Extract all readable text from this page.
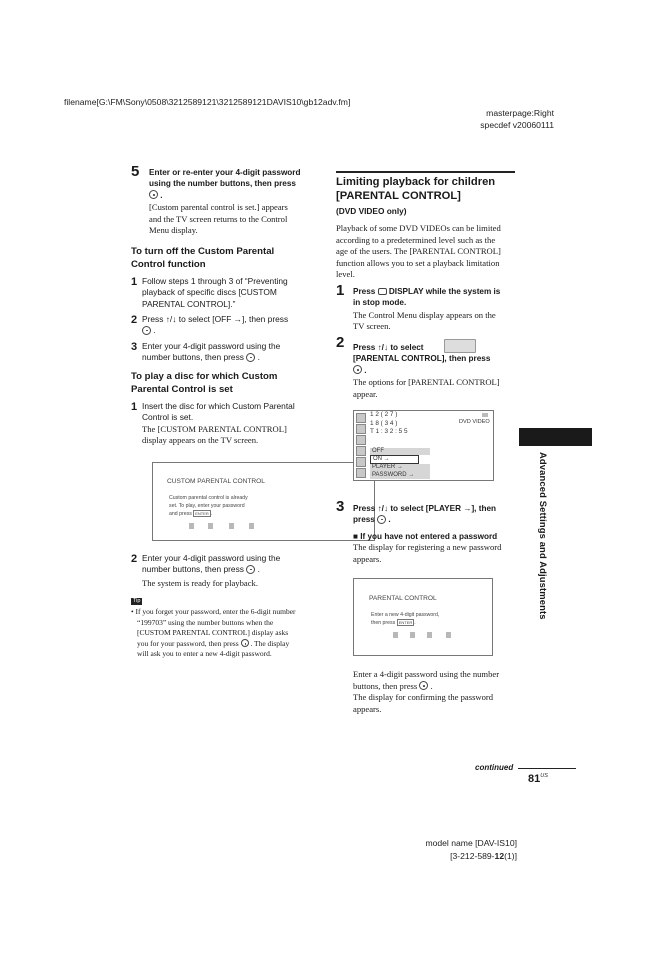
filename[G:\FM\Sony\0508\3212589121\3212589121DAVIS10\gb12adv.fm]
masterpage:Right
specdef v20060111
5 Enter or re-enter your 4-digit password
using the number buttons, then press
.
[Custom parental control is set.] appears
and the TV screen returns to the Control
Menu display.
To turn off the Custom Parental
Control function
1 Follow steps 1 through 3 of “Preventing
playback of specific discs [CUSTOM
PARENTAL CONTROL].”
2 Press ↑/↓ to select [OFF →], then press
.
3 Enter your 4-digit password using the
number buttons, then press .
To play a disc for which Custom
Parental Control is set
1 Insert the disc for which Custom Parental
Control is set.
The [CUSTOM PARENTAL CONTROL]
display appears on the TV screen.
CUSTOM PARENTAL CONTROL
Custom parental control is already
set. To play, enter your password
and press ENTER .
2 Enter your 4-digit password using the
number buttons, then press .
The system is ready for playback.
Tip
• If you forget your password, enter the 6-digit number
“199703” using the number buttons when the
[CUSTOM PARENTAL CONTROL] display asks
you for your password, then press . The display
will ask you to enter a new 4-digit password.
Limiting playback for children
[PARENTAL CONTROL]
(DVD VIDEO only)
Playback of some DVD VIDEOs can be limited
according to a predetermined level such as the
age of the users. The [PARENTAL CONTROL]
function allows you to set a playback limitation
level.
1 Press DISPLAY while the system is
in stop mode.
The Control Menu display appears on the
TV screen.
2 Press ↑/↓ to select
[PARENTAL CONTROL], then press
.
The options for [PARENTAL CONTROL]
appear.
1 2 ( 2 7 )
1 8 ( 3 4 )
T 1 : 3 2 : 5 5
DVD VIDEO
OFF
ON →
PLAYER →
PASSWORD →
3 Press ↑/↓ to select [PLAYER →], then
press .
■ If you have not entered a password
The display for registering a new password
appears.
PARENTAL CONTROL
Enter a new 4-digit password,
then press ENTER .
Enter a 4-digit password using the number
buttons, then press .
The display for confirming the password
appears.
Advanced Settings and Adjustments
continued
$81^{US}$
model name [DAV-IS10]
[3-212-589-12(1)]
